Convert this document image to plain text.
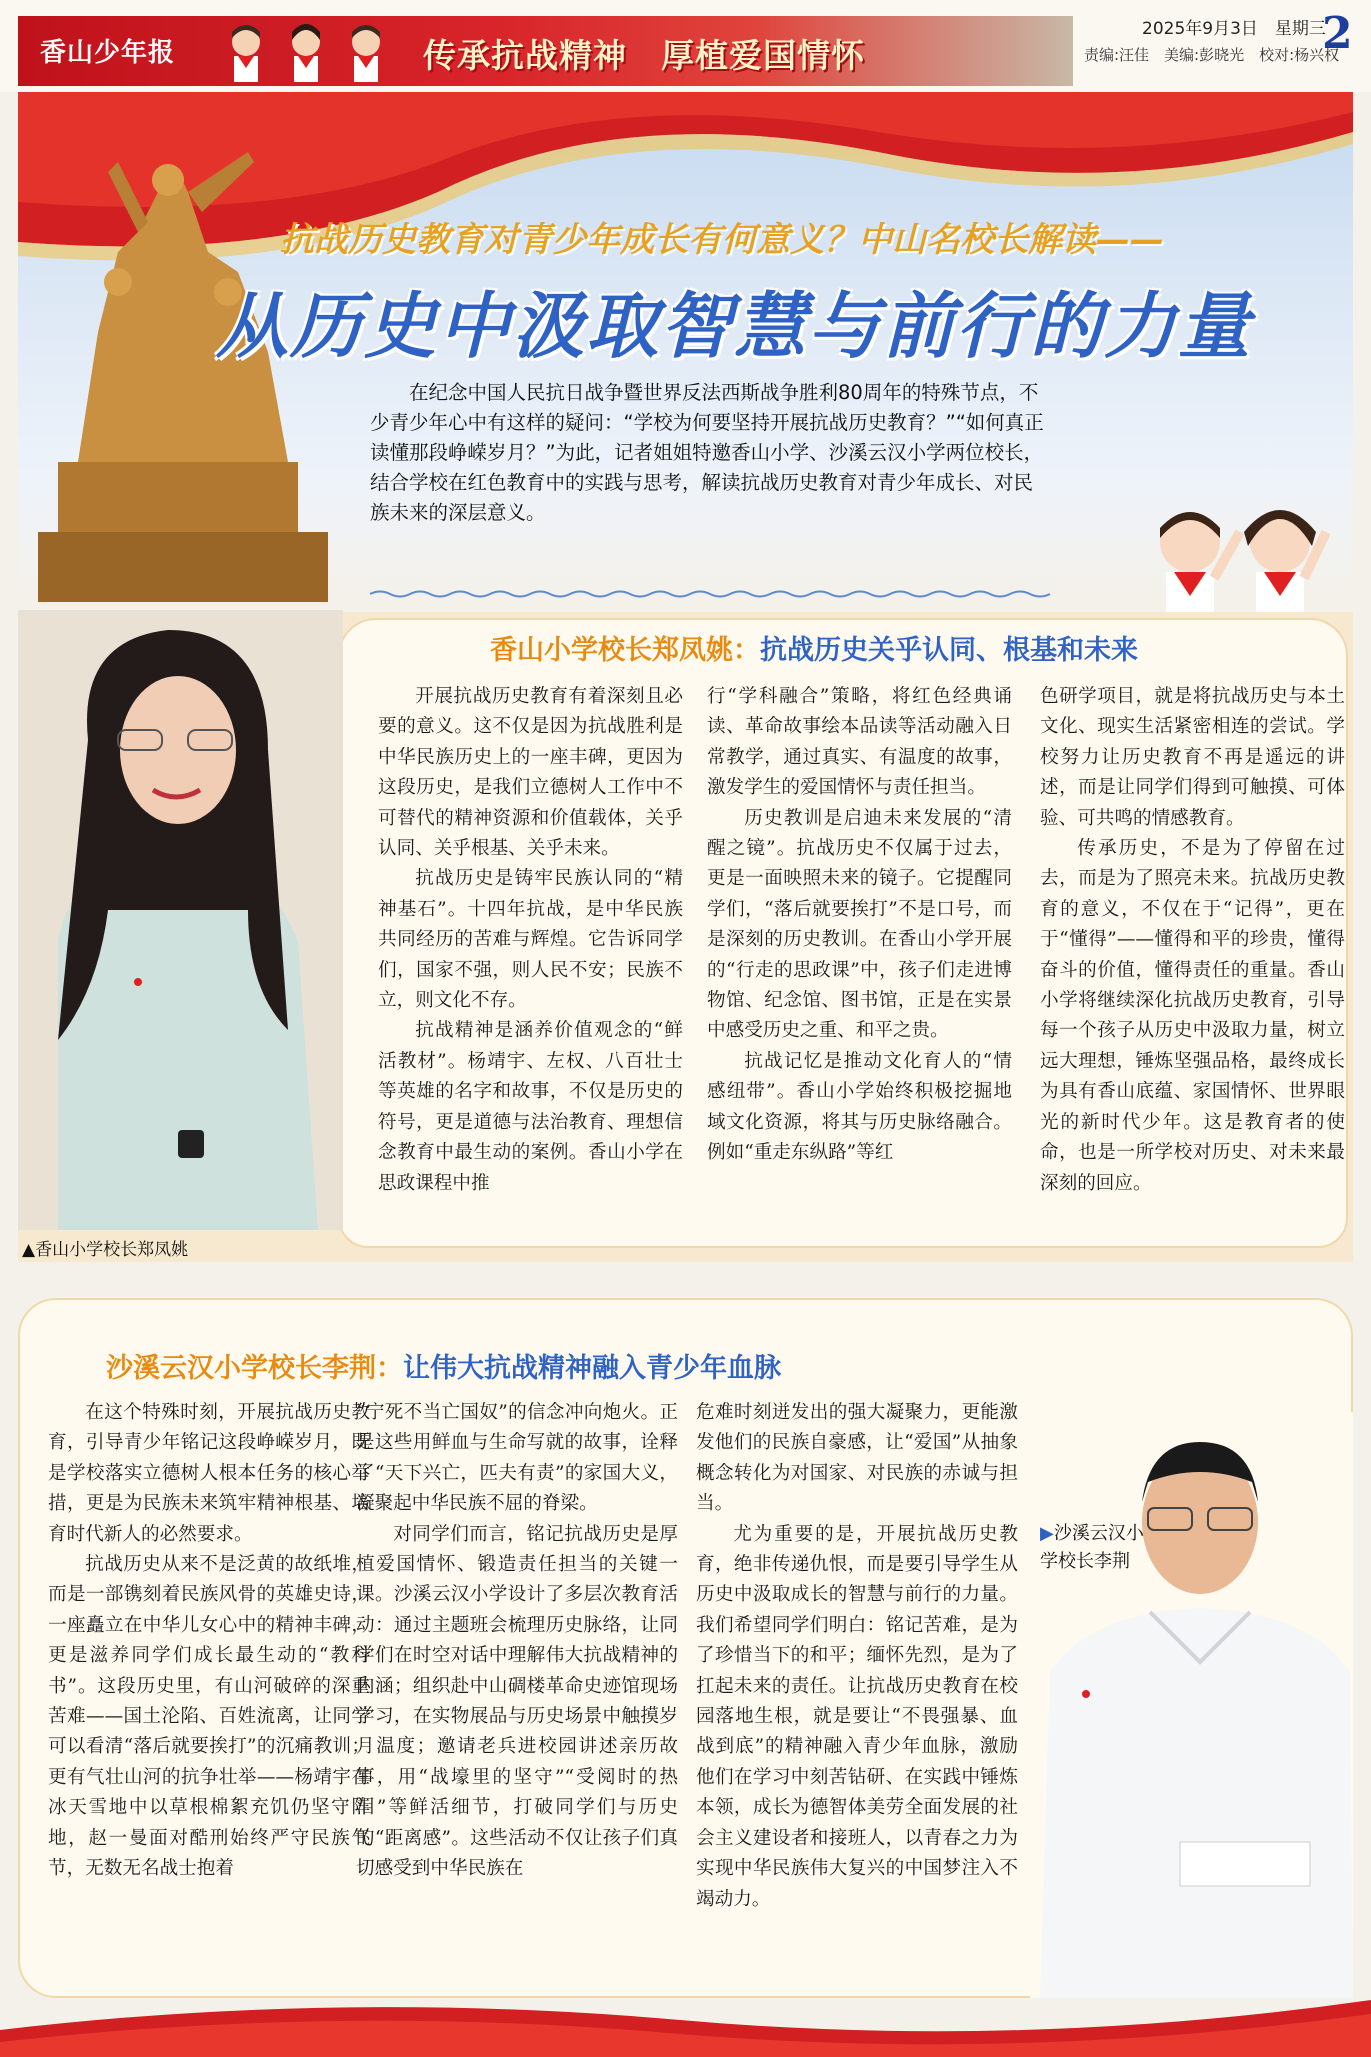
香山少年报	传承抗战精神　厚植爱国情怀
2025年9月3日　星期三
2
责编:汪佳　美编:彭晓光　校对:杨兴权
抗战历史教育对青少年成长有何意义？中山名校长解读——
从历史中汲取智慧与前行的力量
在纪念中国人民抗日战争暨世界反法西斯战争胜利80周年的特殊节点，不少青少年心中有这样的疑问：“学校为何要坚持开展抗战历史教育？”“如何真正读懂那段峥嵘岁月？”为此，记者姐姐特邀香山小学、沙溪云汉小学两位校长，结合学校在红色教育中的实践与思考，解读抗战历史教育对青少年成长、对民族未来的深层意义。
香山小学校长郑凤姚：抗战历史关乎认同、根基和未来
▲香山小学校长郑凤姚

开展抗战历史教育有着深刻且必要的意义。这不仅是因为抗战胜利是中华民族历史上的一座丰碑，更因为这段历史，是我们立德树人工作中不可替代的精神资源和价值载体，关乎认同、关乎根基、关乎未来。

抗战历史是铸牢民族认同的“精神基石”。十四年抗战，是中华民族共同经历的苦难与辉煌。它告诉同学们，国家不强，则人民不安；民族不立，则文化不存。

抗战精神是涵养价值观念的“鲜活教材”。杨靖宇、左权、八百壮士等英雄的名字和故事，不仅是历史的符号，更是道德与法治教育、理想信念教育中最生动的案例。香山小学在思政课程中推

行“学科融合”策略，将红色经典诵读、革命故事绘本品读等活动融入日常教学，通过真实、有温度的故事，激发学生的爱国情怀与责任担当。

历史教训是启迪未来发展的“清醒之镜”。抗战历史不仅属于过去，更是一面映照未来的镜子。它提醒同学们，“落后就要挨打”不是口号，而是深刻的历史教训。在香山小学开展的“行走的思政课”中，孩子们走进博物馆、纪念馆、图书馆，正是在实景中感受历史之重、和平之贵。

抗战记忆是推动文化育人的“情感纽带”。香山小学始终积极挖掘地域文化资源，将其与历史脉络融合。例如“重走东纵路”等红

色研学项目，就是将抗战历史与本土文化、现实生活紧密相连的尝试。学校努力让历史教育不再是遥远的讲述，而是让同学们得到可触摸、可体验、可共鸣的情感教育。

传承历史，不是为了停留在过去，而是为了照亮未来。抗战历史教育的意义，不仅在于“记得”，更在于“懂得”——懂得和平的珍贵，懂得奋斗的价值，懂得责任的重量。香山小学将继续深化抗战历史教育，引导每一个孩子从历史中汲取力量，树立远大理想，锤炼坚强品格，最终成长为具有香山底蕴、家国情怀、世界眼光的新时代少年。这是教育者的使命，也是一所学校对历史、对未来最深刻的回应。

沙溪云汉小学校长李荆：让伟大抗战精神融入青少年血脉

在这个特殊时刻，开展抗战历史教育，引导青少年铭记这段峥嵘岁月，既是学校落实立德树人根本任务的核心举措，更是为民族未来筑牢精神根基、培育时代新人的必然要求。

抗战历史从来不是泛黄的故纸堆，而是一部镌刻着民族风骨的英雄史诗，一座矗立在中华儿女心中的精神丰碑，更是滋养同学们成长最生动的“教科书”。这段历史里，有山河破碎的深重苦难——国土沦陷、百姓流离，让同学可以看清“落后就要挨打”的沉痛教训；更有气壮山河的抗争壮举——杨靖宇在冰天雪地中以草根棉絮充饥仍坚守阵地，赵一曼面对酷刑始终严守民族气节，无数无名战士抱着

“宁死不当亡国奴”的信念冲向炮火。正是这些用鲜血与生命写就的故事，诠释了“天下兴亡，匹夫有责”的家国大义，凝聚起中华民族不屈的脊梁。

对同学们而言，铭记抗战历史是厚植爱国情怀、锻造责任担当的关键一课。沙溪云汉小学设计了多层次教育活动：通过主题班会梳理历史脉络，让同学们在时空对话中理解伟大抗战精神的内涵；组织赴中山碉楼革命史迹馆现场学习，在实物展品与历史场景中触摸岁月温度；邀请老兵进校园讲述亲历故事，用“战壕里的坚守”“受阅时的热泪”等鲜活细节，打破同学们与历史的“距离感”。这些活动不仅让孩子们真切感受到中华民族在

危难时刻迸发出的强大凝聚力，更能激发他们的民族自豪感，让“爱国”从抽象概念转化为对国家、对民族的赤诚与担当。

尤为重要的是，开展抗战历史教育，绝非传递仇恨，而是要引导学生从历史中汲取成长的智慧与前行的力量。我们希望同学们明白：铭记苦难，是为了珍惜当下的和平；缅怀先烈，是为了扛起未来的责任。让抗战历史教育在校园落地生根，就是要让“不畏强暴、血战到底”的精神融入青少年血脉，激励他们在学习中刻苦钻研、在实践中锤炼本领，成长为德智体美劳全面发展的社会主义建设者和接班人，以青春之力为实现中华民族伟大复兴的中国梦注入不竭动力。

▶沙溪云汉小学校长李荆
